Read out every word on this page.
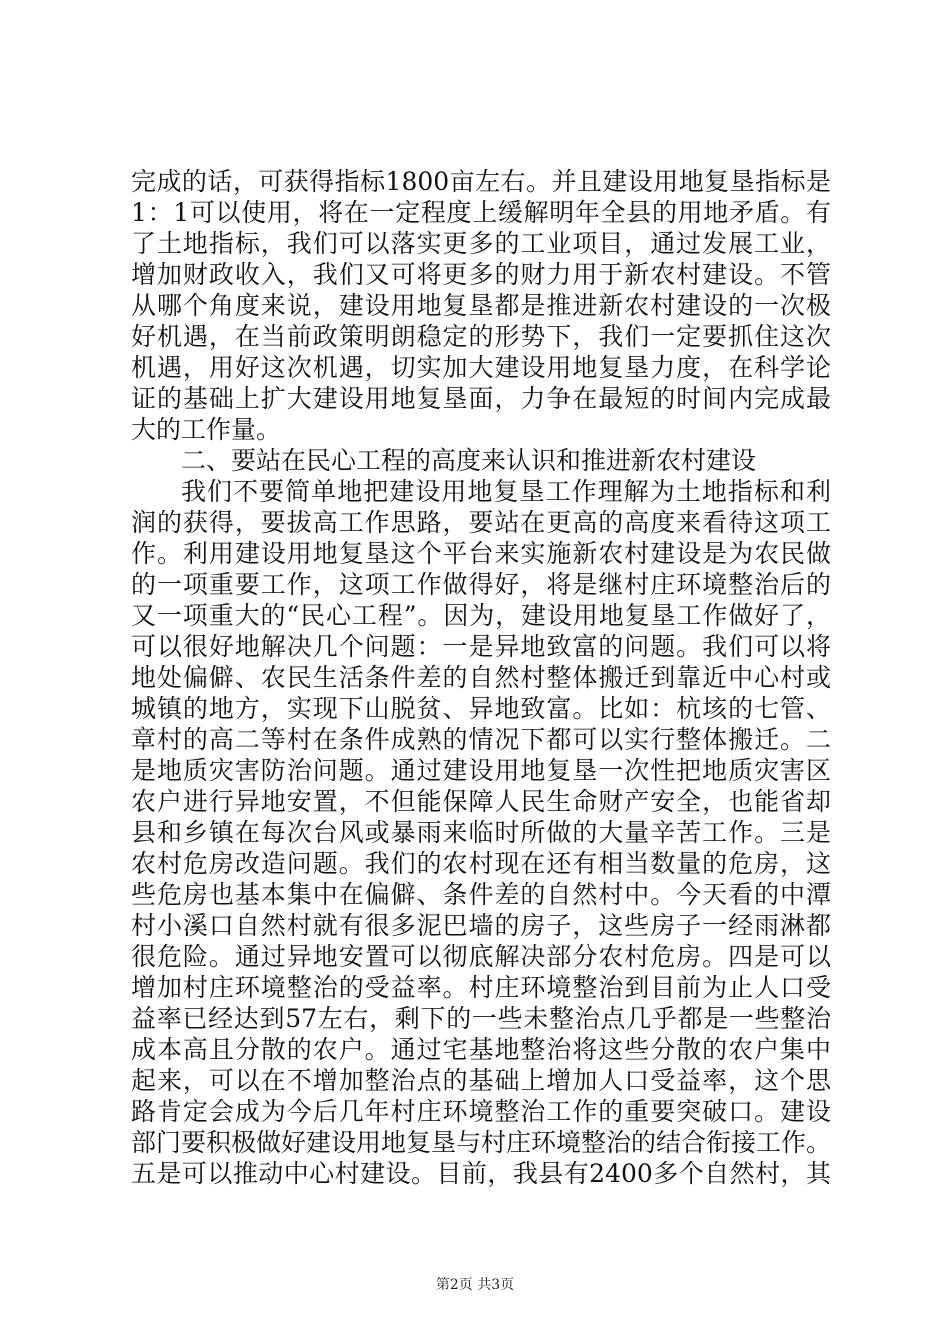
完成的话，可获得指标1800亩左右。并且建设用地复垦指标是
1：1可以使用，将在一定程度上缓解明年全县的用地矛盾。有
了土地指标，我们可以落实更多的工业项目，通过发展工业，
增加财政收入，我们又可将更多的财力用于新农村建设。不管
从哪个角度来说，建设用地复垦都是推进新农村建设的一次极
好机遇，在当前政策明朗稳定的形势下，我们一定要抓住这次
机遇，用好这次机遇，切实加大建设用地复垦力度，在科学论
证的基础上扩大建设用地复垦面，力争在最短的时间内完成最
大的工作量。
二、要站在民心工程的高度来认识和推进新农村建设
我们不要简单地把建设用地复垦工作理解为土地指标和利
润的获得，要拔高工作思路，要站在更高的高度来看待这项工
作。利用建设用地复垦这个平台来实施新农村建设是为农民做
的一项重要工作，这项工作做得好，将是继村庄环境整治后的
又一项重大的“民心工程”。因为，建设用地复垦工作做好了，
可以很好地解决几个问题：一是异地致富的问题。我们可以将
地处偏僻、农民生活条件差的自然村整体搬迁到靠近中心村或
城镇的地方，实现下山脱贫、异地致富。比如：杭垓的七管、
章村的高二等村在条件成熟的情况下都可以实行整体搬迁。二
是地质灾害防治问题。通过建设用地复垦一次性把地质灾害区
农户进行异地安置，不但能保障人民生命财产安全，也能省却
县和乡镇在每次台风或暴雨来临时所做的大量辛苦工作。三是
农村危房改造问题。我们的农村现在还有相当数量的危房，这
些危房也基本集中在偏僻、条件差的自然村中。今天看的中潭
村小溪口自然村就有很多泥巴墙的房子，这些房子一经雨淋都
很危险。通过异地安置可以彻底解决部分农村危房。四是可以
增加村庄环境整治的受益率。村庄环境整治到目前为止人口受
益率已经达到57左右，剩下的一些未整治点几乎都是一些整治
成本高且分散的农户。通过宅基地整治将这些分散的农户集中
起来，可以在不增加整治点的基础上增加人口受益率，这个思
路肯定会成为今后几年村庄环境整治工作的重要突破口。建设
部门要积极做好建设用地复垦与村庄环境整治的结合衔接工作。
五是可以推动中心村建设。目前，我县有2400多个自然村，其
第2页 共3页
